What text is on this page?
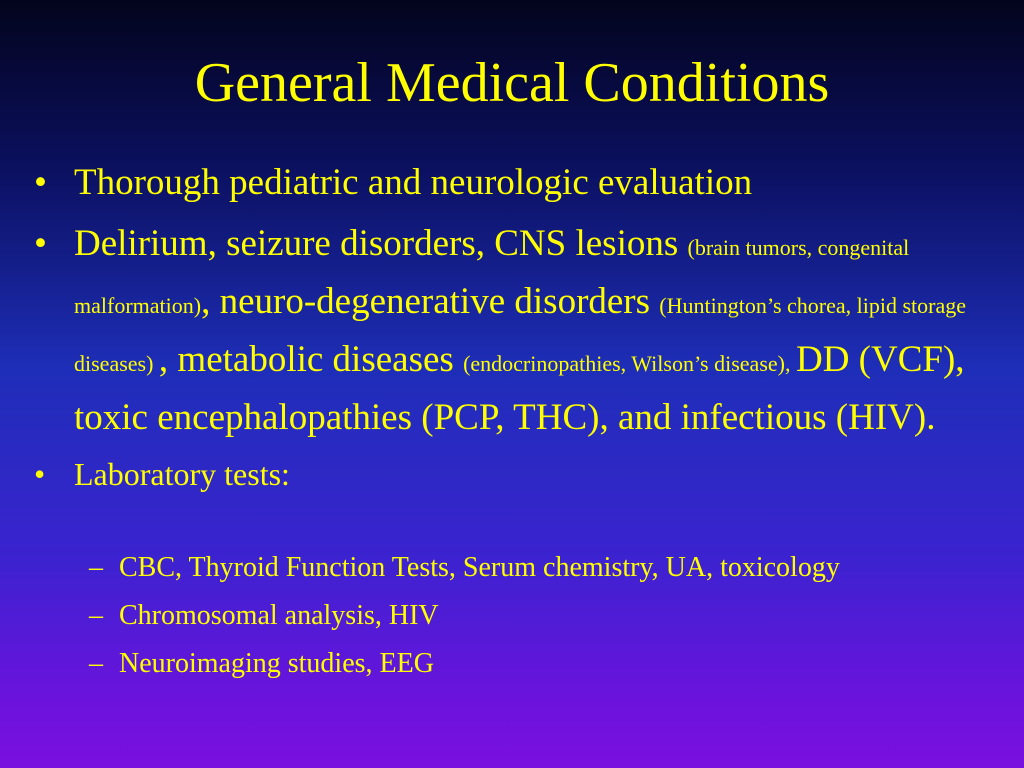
General Medical Conditions
• Thorough pediatric and neurologic evaluation
• Delirium, seizure disorders, CNS lesions (brain tumors, congenital malformation), neuro-degenerative disorders (Huntington’s chorea, lipid storage diseases) , metabolic diseases (endocrinopathies, Wilson’s disease), DD (VCF), toxic encephalopathies (PCP, THC), and infectious (HIV).
• Laboratory tests:
– CBC, Thyroid Function Tests, Serum chemistry, UA, toxicology
– Chromosomal analysis, HIV
– Neuroimaging studies, EEG
